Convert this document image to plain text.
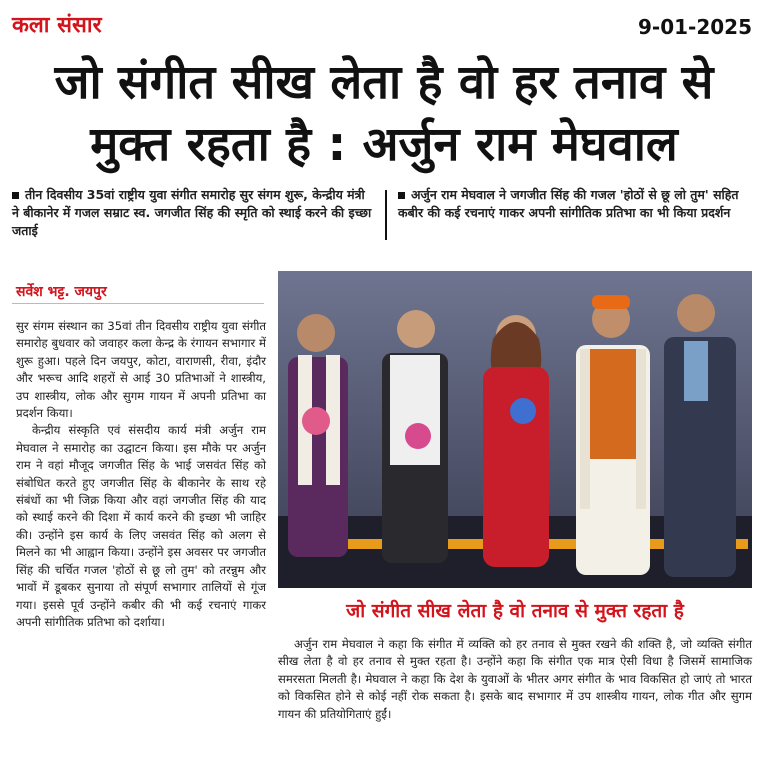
कला संसार	9-01-2025
जो संगीत सीख लेता है वो हर तनाव से मुक्त रहता है : अर्जुन राम मेघवाल
तीन दिवसीय 35वां राष्ट्रीय युवा संगीत समारोह सुर संगम शुरू, केन्द्रीय मंत्री ने बीकानेर में गजल सम्राट स्व. जगजीत सिंह की स्मृति को स्थाई करने की इच्छा जताई
अर्जुन राम मेघवाल ने जगजीत सिंह की गजल 'होठों से छू लो तुम' सहित कबीर की कई रचनाएं गाकर अपनी सांगीतिक प्रतिभा का भी किया प्रदर्शन
सर्वेश भट्ट. जयपुर

सुर संगम संस्थान का 35वां तीन दिवसीय राष्ट्रीय युवा संगीत समारोह बुधवार को जवाहर कला केन्द्र के रंगायन सभागार में शुरू हुआ। पहले दिन जयपुर, कोटा, वाराणसी, रीवा, इंदौर और भरूच आदि शहरों से आई 30 प्रतिभाओं ने शास्त्रीय, उप शास्त्रीय, लोक और सुगम गायन में अपनी प्रतिभा का प्रदर्शन किया।

केन्द्रीय संस्कृति एवं संसदीय कार्य मंत्री अर्जुन राम मेघवाल ने समारोह का उद्घाटन किया। इस मौके पर अर्जुन राम ने वहां मौजूद जगजीत सिंह के भाई जसवंत सिंह को संबोधित करते हुए जगजीत सिंह के बीकानेर के साथ रहे संबंधों का भी जिक्र किया और वहां जगजीत सिंह की याद को स्थाई करने की दिशा में कार्य करने की इच्छा भी जाहिर की। उन्होंने इस कार्य के लिए जसवंत सिंह को अलग से मिलने का भी आह्वान किया। उन्होंने इस अवसर पर जगजीत सिंह की चर्चित गजल 'होठों से छू लो तुम' को तरन्नुम और भावों में डूबकर सुनाया तो संपूर्ण सभागार तालियों से गूंज गया। इससे पूर्व उन्होंने कबीर की भी कई रचनाएं गाकर अपनी सांगीतिक प्रतिभा को दर्शाया।	जो संगीत सीख लेता है वो तनाव से मुक्त रहता है
अर्जुन राम मेघवाल ने कहा कि संगीत में व्यक्ति को हर तनाव से मुक्त रखने की शक्ति है, जो व्यक्ति संगीत सीख लेता है वो हर तनाव से मुक्त रहता है। उन्होंने कहा कि संगीत एक मात्र ऐसी विधा है जिसमें सामाजिक समरसता मिलती है। मेघवाल ने कहा कि देश के युवाओं के भीतर अगर संगीत के भाव विकसित हो जाएं तो भारत को विकसित होने से कोई नहीं रोक सकता है। इसके बाद सभागार में उप शास्त्रीय गायन, लोक गीत और सुगम गायन की प्रतियोगिताएं हुईं।
